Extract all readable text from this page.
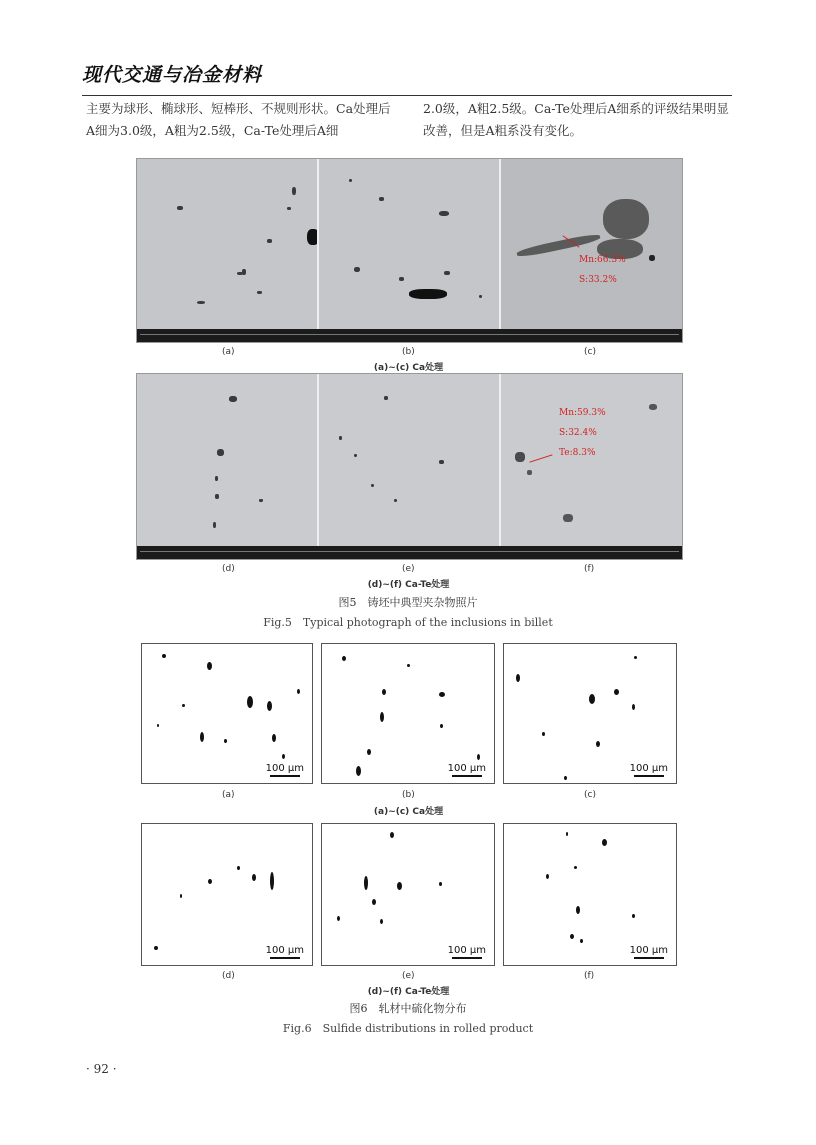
现代交通与冶金材料
主要为球形、椭球形、短棒形、不规则形状。Ca处理后A细为3.0级，A粗为2.5级，Ca-Te处理后A细
2.0级，A粗2.5级。Ca-Te处理后A细系的评级结果明显改善，但是A粗系没有变化。
Mn:66.3%
S:33.2%
(a)	(b)	(c)
(a)~(c) Ca处理
Mn:59.3%
S:32.4%
Te:8.3%
(d)	(e)	(f)
(d)~(f) Ca-Te处理
图5　铸坯中典型夹杂物照片
Fig.5　Typical photograph of the inclusions in billet
100 μm	100 μm	100 μm
(a)	(b)	(c)
(a)~(c) Ca处理
100 μm	100 μm	100 μm
(d)	(e)	(f)
(d)~(f) Ca-Te处理
图6　轧材中硫化物分布
Fig.6　Sulfide distributions in rolled product
· 92 ·
